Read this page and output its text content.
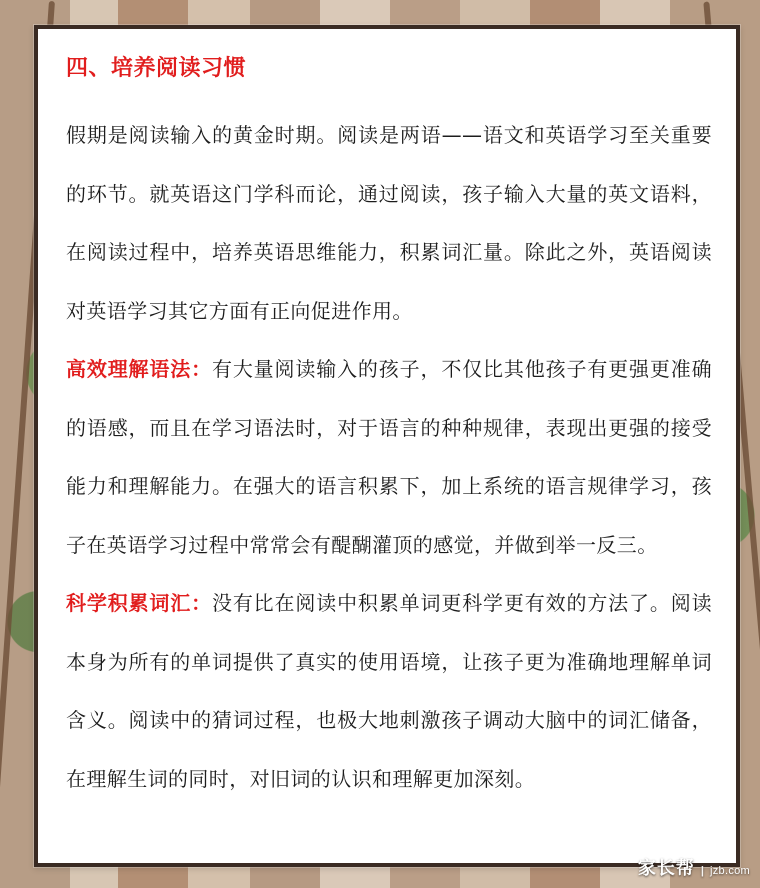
四、培养阅读习惯

假期是阅读输入的黄金时期。阅读是两语——语文和英语学习至关重要的环节。就英语这门学科而论，通过阅读，孩子输入大量的英文语料，在阅读过程中，培养英语思维能力，积累词汇量。除此之外，英语阅读对英语学习其它方面有正向促进作用。

高效理解语法：有大量阅读输入的孩子，不仅比其他孩子有更强更准确的语感，而且在学习语法时，对于语言的种种规律，表现出更强的接受能力和理解能力。在强大的语言积累下，加上系统的语言规律学习，孩子在英语学习过程中常常会有醍醐灌顶的感觉，并做到举一反三。

科学积累词汇：没有比在阅读中积累单词更科学更有效的方法了。阅读本身为所有的单词提供了真实的使用语境，让孩子更为准确地理解单词含义。阅读中的猜词过程，也极大地刺激孩子调动大脑中的词汇储备，在理解生词的同时，对旧词的认识和理解更加深刻。

家长帮 | jzb.com
